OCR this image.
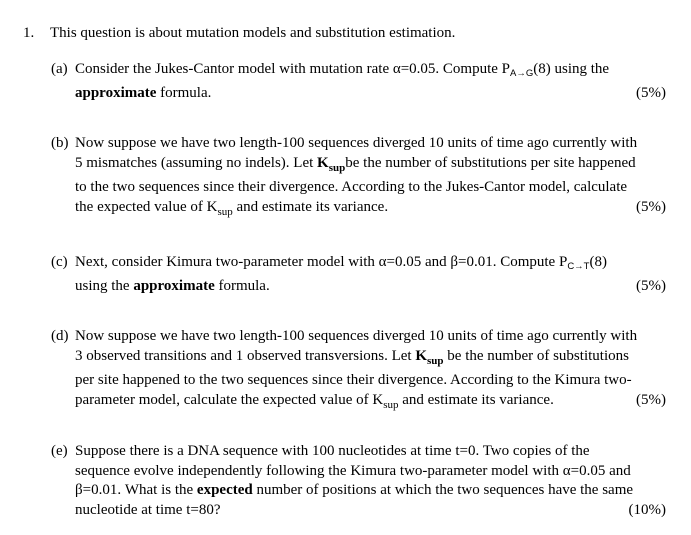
1. This question is about mutation models and substitution estimation.
(a) Consider the Jukes-Cantor model with mutation rate α=0.05. Compute $P_{A\to G}(8)$ using the
approximate formula.	(5%)
(b) Now suppose we have two length-100 sequences diverged 10 units of time ago currently with
5 mismatches (assuming no indels). Let $K_{sup}be$ the number of substitutions per site happened
to the two sequences since their divergence. According to the Jukes-Cantor model, calculate
the expected value of $K_{sup}$ and estimate its variance.	(5%)
(c) Next, consider Kimura two-parameter model with α=0.05 and β=0.01. Compute $P_{C\to T}(8)$
using the approximate formula.	(5%)
(d) Now suppose we have two length-100 sequences diverged 10 units of time ago currently with
3 observed transitions and 1 observed transversions. Let $K_{sup}$ be the number of substitutions
per site happened to the two sequences since their divergence. According to the Kimura two-
parameter model, calculate the expected value of $K_{sup}$ and estimate its variance.	(5%)
(e) Suppose there is a DNA sequence with 100 nucleotides at time t=0. Two copies of the
sequence evolve independently following the Kimura two-parameter model with α=0.05 and
β=0.01. What is the expected number of positions at which the two sequences have the same
nucleotide at time t=80?	(10%)
